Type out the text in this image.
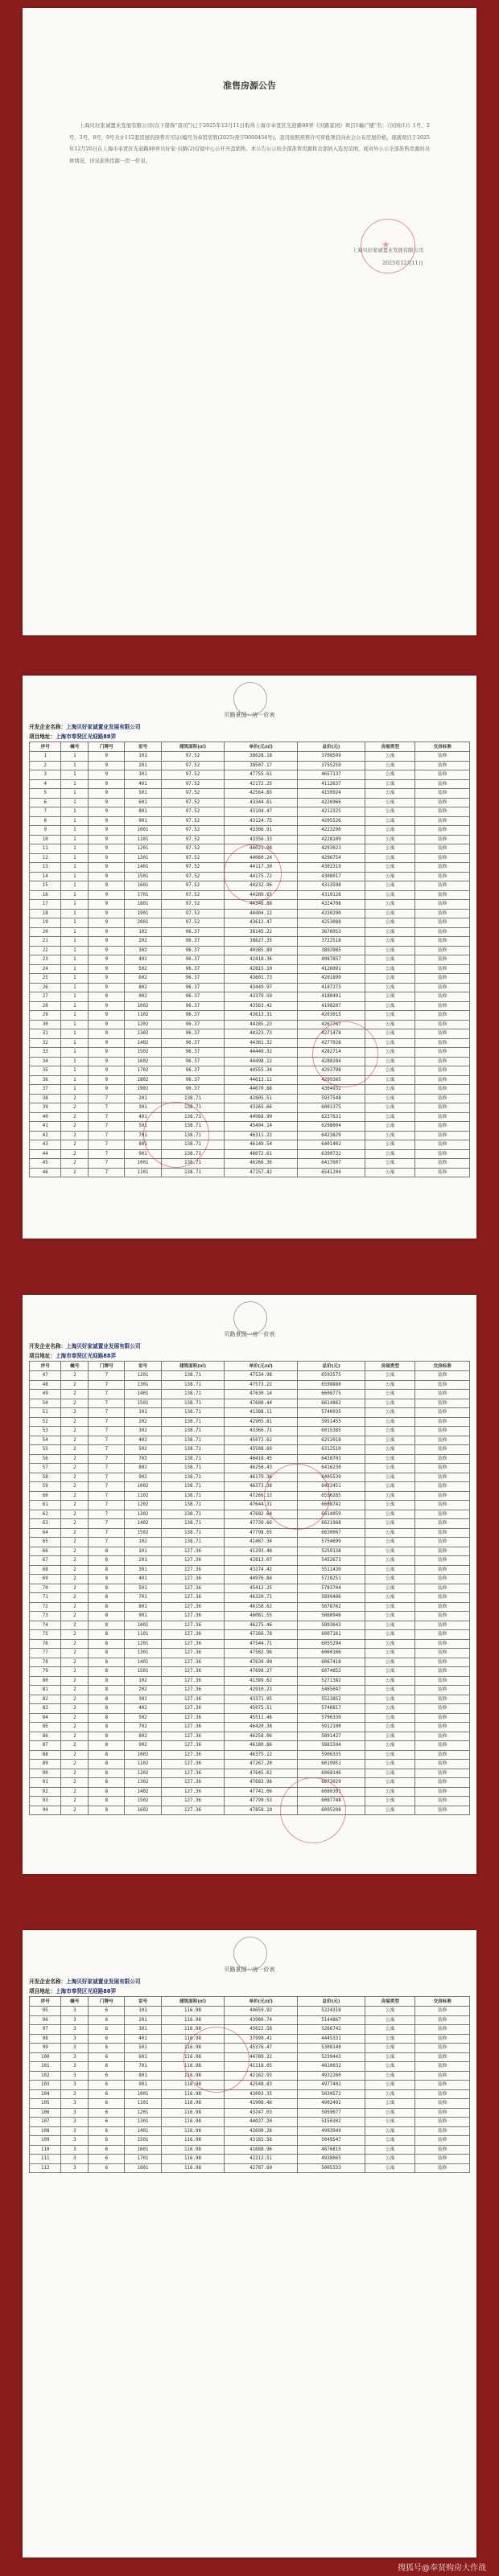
准售房源公告
上海贝好家诚置业发展有限公司(以下简称"我司")已于2025年12月11日取得上海市奉贤区光迎路88弄《贝路景园》项目1幢(“楼”名：《贝园(1)》1号、2号、3号、8号、9号共计112套房屋的预售许可证(编号为奉贤房管(2025)预字0000454号)。我司按照预售许可审批项目向社会公布房屋价格。现就项目于2025年12月20日在上海市奉贤区光迎路88弄贝好家·贝路(2)营销中心公开开盘销售。本公告公示的全部准售房源将全部纳入选房范围，现对外公示全部准售房源的具体情况，详见准售房源一房一价表。
上海贝好家诚置业发展有限公司
2025年12月11日
★
贝路景园一房一价表
开发企业名称：上海贝好家诚置业发展有限公司
项目地址：上海市奉贤区光迎路88弄
序号	幢号	门牌号	室号	建筑面积(㎡)	单价(元/㎡)	总价(元)	房屋类型	交房标准
1	1	9	101	97.52	38028.18	3708509	公寓	装修
2	1	9	201	97.52	38507.17	3755259	公寓	装修
3	1	9	301	97.52	47755.61	4657137	公寓	装修
4	1	9	401	97.52	42172.25	4112637	公寓	装修
5	1	9	501	97.52	42564.85	4150924	公寓	装修
6	1	9	601	97.52	43344.61	4226966	公寓	装修
7	1	9	801	97.52	43194.47	4212325	公寓	装修
8	1	9	901	97.52	43124.75	4205526	公寓	装修
9	1	9	1001	97.52	43306.91	4223290	公寓	装修
10	1	9	1101	97.52	43356.33	4228109	公寓	装修
11	1	9	1201	97.52	44021.98	4293023	公寓	装修
12	1	9	1301	97.52	44060.24	4296754	公寓	装修
13	1	9	1401	97.52	44117.30	4302319	公寓	装修
14	1	9	1501	97.52	44175.72	4308017	公寓	装修
15	1	9	1601	97.52	44232.96	4313598	公寓	装修
16	1	9	1701	97.52	44289.65	4319126	公寓	装修
17	1	9	1801	97.52	44346.88	4324708	公寓	装修
18	1	9	1901	97.52	44404.12	4330290	公寓	装修
19	1	9	2001	97.52	43612.47	4253088	公寓	装修
20	1	9	102	96.37	38145.22	3676053	公寓	装修
21	1	9	202	96.37	38627.35	3722518	公寓	装修
22	1	9	302	96.37	40385.89	3892985	公寓	装修
23	1	9	402	96.37	42418.36	4087857	公寓	装修
24	1	9	502	96.37	42815.10	4126091	公寓	装修
25	1	9	602	96.37	43601.73	4201899	公寓	装修
26	1	9	802	96.37	43449.97	4187273	公寓	装修
27	1	9	902	96.37	43379.59	4180491	公寓	装修
28	1	9	1002	96.37	43563.42	4198207	公寓	装修
29	1	9	1102	96.37	43613.31	4203015	公寓	装修
30	1	9	1202	96.37	44285.23	4267767	公寓	装修
31	1	9	1302	96.37	44323.73	4271478	公寓	装修
32	1	9	1402	96.37	44381.32	4277028	公寓	装修
33	1	9	1502	96.37	44440.32	4282714	公寓	装修
34	1	9	1602	96.37	44498.12	4288284	公寓	装修
35	1	9	1702	96.37	44555.34	4293798	公寓	装修
36	1	9	1802	96.37	44613.11	4299365	公寓	装修
37	1	9	1902	96.37	44670.88	4304932	公寓	装修
38	2	7	201	138.71	42805.51	5937548	公寓	装修
39	2	7	301	138.71	43265.66	6001375	公寓	装修
40	2	7	401	138.71	44968.90	6237631	公寓	装修
41	2	7	501	138.71	45404.14	6298004	公寓	装修
42	2	7	701	138.71	46311.22	6423829	公寓	装修
43	2	7	801	138.71	46149.54	6401402	公寓	装修
44	2	7	901	138.71	46072.61	6390732	公寓	装修
45	2	7	1001	138.71	46266.36	6417607	公寓	装修
46	2	7	1101	138.71	47157.42	6541204	公寓	装修
贝路景园一房一价表
开发企业名称：上海贝好家诚置业发展有限公司
项目地址：上海市奉贤区光迎路88弄
序号	幢号	门牌号	室号	建筑面积(㎡)	单价(元/㎡)	总价(元)	房屋类型	交房标准
47	2	7	1201	138.71	47534.98	6593575	公寓	装修
48	2	7	1301	138.71	47573.22	6598880	公寓	装修
49	2	7	1401	138.71	47630.14	6606775	公寓	装修
50	2	7	1501	138.71	47688.44	6614862	公寓	装修
51	2	7	101	138.71	41388.11	5740935	公寓	装修
52	2	7	202	138.71	42905.81	5951455	公寓	装修
53	2	7	302	138.71	43366.71	6015385	公寓	装修
54	2	7	402	138.71	45072.62	6252018	公寓	装修
55	2	7	502	138.71	45508.69	6312510	公寓	装修
56	2	7	702	138.71	46418.45	6438703	公寓	装修
57	2	7	802	138.71	46256.43	6416230	公寓	装修
58	2	7	902	138.71	46179.36	6405539	公寓	装修
59	2	7	1002	138.71	46373.38	6432451	公寓	装修
60	2	7	1102	138.71	47266.13	6556285	公寓	装修
61	2	7	1202	138.71	47644.31	6608742	公寓	装修
62	2	7	1302	138.71	47682.64	6614059	公寓	装修
63	2	7	1402	138.71	47739.66	6621968	公寓	装修
64	2	7	1502	138.71	47798.05	6630067	公寓	装修
65	2	7	102	138.71	41487.34	5754699	公寓	装修
66	2	8	101	127.36	41293.48	5259138	公寓	装修
67	2	8	201	127.36	42813.07	5452673	公寓	装修
68	2	8	301	127.36	43274.42	5511430	公寓	装修
69	2	8	401	127.36	44976.84	5728251	公寓	装修
70	2	8	501	127.36	45412.25	5783704	公寓	装修
71	2	8	701	127.36	46320.71	5899406	公寓	装修
72	2	8	801	127.36	46158.62	5878762	公寓	装修
73	2	8	901	127.36	46081.55	5868946	公寓	装修
74	2	8	1001	127.36	46275.46	5893643	公寓	装修
75	2	8	1101	127.36	47166.78	6007161	公寓	装修
76	2	8	1201	127.36	47544.71	6055294	公寓	装修
77	2	8	1301	127.36	47582.96	6060166	公寓	装修
78	2	8	1401	127.36	47639.90	6067418	公寓	装修
79	2	8	1501	127.36	47698.27	6074852	公寓	装修
80	2	8	102	127.36	41389.62	5271382	公寓	装修
81	2	8	202	127.36	42910.23	5465047	公寓	装修
82	2	8	302	127.36	43371.95	5523852	公寓	装修
83	2	8	402	127.36	45075.51	5740817	公寓	装修
84	2	8	502	127.36	45511.46	5796339	公寓	装修
85	2	8	702	127.36	46420.38	5912100	公寓	装修
86	2	8	802	127.36	46258.06	5891427	公寓	装修
87	2	8	902	127.36	46180.86	5881594	公寓	装修
88	2	8	1002	127.36	46375.12	5906335	公寓	装修
89	2	8	1102	127.36	47267.20	6019951	公寓	装修
90	2	8	1202	127.36	47645.62	6068146	公寓	装修
91	2	8	1302	127.36	47683.96	6073029	公寓	装修
92	2	8	1402	127.36	47741.06	6080301	公寓	装修
93	2	8	1502	127.36	47799.53	6087748	公寓	装修
94	2	8	1602	127.36	47858.10	6095208	公寓	装修
贝路景园一房一价表
开发企业名称：上海贝好家诚置业发展有限公司
项目地址：上海市奉贤区光迎路88弄
序号	幢号	门牌号	室号	建筑面积(㎡)	单价(元/㎡)	总价(元)	房屋类型	交房标准
95	3	6	101	116.98	44659.92	5224318	公寓	装修
96	3	6	201	116.98	43980.74	5144867	公寓	装修
97	3	6	301	116.98	45022.58	5266742	公寓	装修
98	3	6	401	116.98	37999.41	4445331	公寓	装修
99	3	6	501	116.98	45376.47	5308140	公寓	装修
100	3	6	601	116.98	44789.22	5239443	公寓	装修
101	3	6	701	116.98	41118.05	4810032	公寓	装修
102	3	6	801	116.98	42162.93	4932260	公寓	装修
103	3	6	901	116.98	42548.83	4977402	公寓	装修
104	3	6	1001	116.98	43003.35	5030572	公寓	装修
105	3	6	1101	116.98	41908.46	4902492	公寓	装修
106	3	6	1201	116.98	43247.03	5059077	公寓	装修
107	3	6	1301	116.98	44027.20	5150302	公寓	装修
108	3	6	1401	116.98	42690.28	4993949	公寓	装修
109	3	6	1501	116.98	43165.56	5049547	公寓	装修
110	3	6	1601	116.98	41688.96	4876815	公寓	装修
111	3	6	1701	116.98	42212.51	4938065	公寓	装修
112	3	6	1801	116.98	42787.60	5005333	公寓	装修
搜狐号@奉贤购房大作战
